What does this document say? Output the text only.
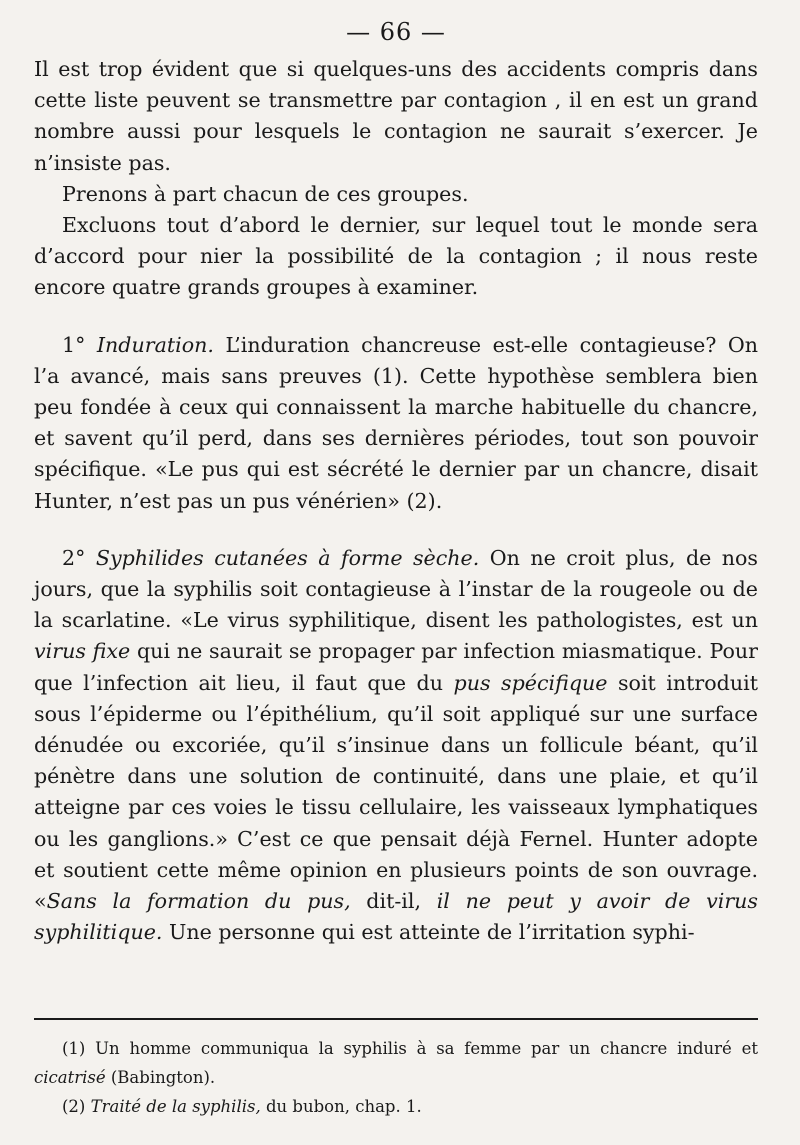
— 66 —

Il est trop évident que si quelques-uns des accidents compris dans cette liste peuvent se transmettre par contagion , il en est un grand nombre aussi pour lesquels le contagion ne saurait s’exercer. Je n’insiste pas.

Prenons à part chacun de ces groupes.

Excluons tout d’abord le dernier, sur lequel tout le monde sera d’accord pour nier la possibilité de la contagion ; il nous reste encore quatre grands groupes à examiner.

1° Induration. L’induration chancreuse est-elle contagieuse? On l’a avancé, mais sans preuves (1). Cette hypothèse semblera bien peu fondée à ceux qui connaissent la marche habituelle du chancre, et savent qu’il perd, dans ses dernières périodes, tout son pouvoir spécifique. «Le pus qui est sécrété le dernier par un chancre, disait Hunter, n’est pas un pus vénérien» (2).

2° Syphilides cutanées à forme sèche. On ne croit plus, de nos jours, que la syphilis soit contagieuse à l’instar de la rougeole ou de la scarlatine. «Le virus syphilitique, disent les pathologistes, est un virus fixe qui ne saurait se propager par infection miasmatique. Pour que l’infection ait lieu, il faut que du pus spécifique soit introduit sous l’épiderme ou l’épithélium, qu’il soit appliqué sur une surface dénudée ou excoriée, qu’il s’insinue dans un follicule béant, qu’il pénètre dans une solution de continuité, dans une plaie, et qu’il atteigne par ces voies le tissu cellulaire, les vaisseaux lymphatiques ou les ganglions.» C’est ce que pensait déjà Fernel. Hunter adopte et soutient cette même opinion en plusieurs points de son ouvrage. «Sans la formation du pus, dit-il, il ne peut y avoir de virus syphilitique. Une personne qui est atteinte de l’irritation syphi-

(1) Un homme communiqua la syphilis à sa femme par un chancre induré et cicatrisé (Babington).

(2) Traité de la syphilis, du bubon, chap. 1.
